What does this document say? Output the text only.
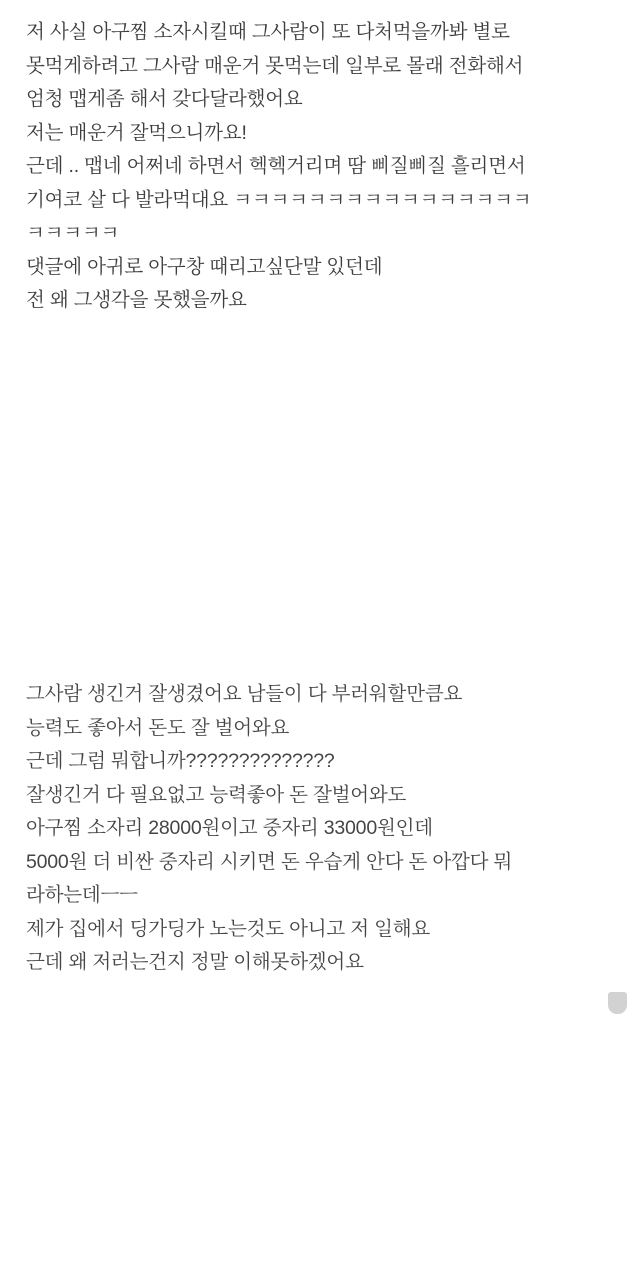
저 사실 아구찜 소자시킬때 그사람이 또 다처먹을까봐 별로
못먹게하려고 그사람 매운거 못먹는데 일부로 몰래 전화해서
엄청 맵게좀 해서 갖다달라했어요
저는 매운거 잘먹으니까요!
근데 .. 맵네 어쩌네 하면서 헥헥거리며 땀 삐질삐질 흘리면서
기여코 살 다 발라먹대요 ㅋㅋㅋㅋㅋㅋㅋㅋㅋㅋㅋㅋㅋㅋㅋㅋ
ㅋㅋㅋㅋㅋ
댓글에 아귀로 아구창 때리고싶단말 있던데
전 왜 그생각을 못했을까요
그사람 생긴거 잘생겼어요 남들이 다 부러워할만큼요
능력도 좋아서 돈도 잘 벌어와요
근데 그럼 뭐합니까??????????????
잘생긴거 다 필요없고 능력좋아 돈 잘벌어와도
아구찜 소자리 28000원이고 중자리 33000원인데
5000원 더 비싼 중자리 시키면 돈 우습게 안다 돈 아깝다 뭐
라하는데ㅡㅡ
제가 집에서 딩가딩가 노는것도 아니고 저 일해요
근데 왜 저러는건지 정말 이해못하겠어요
